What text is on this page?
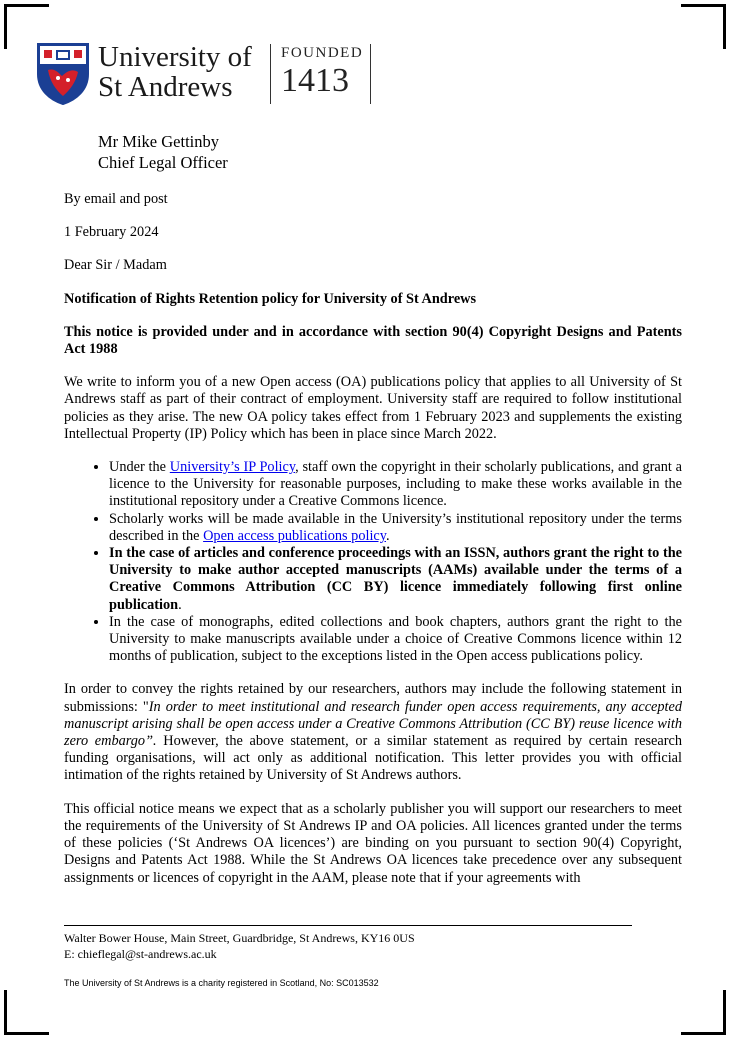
University of
St Andrews
FOUNDED
1413
Mr Mike Gettinby
Chief Legal Officer

By email and post

1 February 2024

Dear Sir / Madam

Notification of Rights Retention policy for University of St Andrews

This notice is provided under and in accordance with section 90(4) Copyright Designs and Patents Act 1988

We write to inform you of a new Open access (OA) publications policy that applies to all University of St Andrews staff as part of their contract of employment. University staff are required to follow institutional policies as they arise. The new OA policy takes effect from 1 February 2023 and supplements the existing Intellectual Property (IP) Policy which has been in place since March 2022.

• Under the University’s IP Policy, staff own the copyright in their scholarly publications, and grant a licence to the University for reasonable purposes, including to make these works available in the institutional repository under a Creative Commons licence.
• Scholarly works will be made available in the University’s institutional repository under the terms described in the Open access publications policy.
• In the case of articles and conference proceedings with an ISSN, authors grant the right to the University to make author accepted manuscripts (AAMs) available under the terms of a Creative Commons Attribution (CC BY) licence immediately following first online publication.
• In the case of monographs, edited collections and book chapters, authors grant the right to the University to make manuscripts available under a choice of Creative Commons licence within 12 months of publication, subject to the exceptions listed in the Open access publications policy.

In order to convey the rights retained by our researchers, authors may include the following statement in submissions: "In order to meet institutional and research funder open access requirements, any accepted manuscript arising shall be open access under a Creative Commons Attribution (CC BY) reuse licence with zero embargo”. However, the above statement, or a similar statement as required by certain research funding organisations, will act only as additional notification. This letter provides you with official intimation of the rights retained by University of St Andrews authors.

This official notice means we expect that as a scholarly publisher you will support our researchers to meet the requirements of the University of St Andrews IP and OA policies. All licences granted under the terms of these policies (‘St Andrews OA licences’) are binding on you pursuant to section 90(4) Copyright, Designs and Patents Act 1988. While the St Andrews OA licences take precedence over any subsequent assignments or licences of copyright in the AAM, please note that if your agreements with

Walter Bower House, Main Street, Guardbridge, St Andrews, KY16 0US
E: chieflegal@st-andrews.ac.uk
The University of St Andrews is a charity registered in Scotland, No: SC013532
